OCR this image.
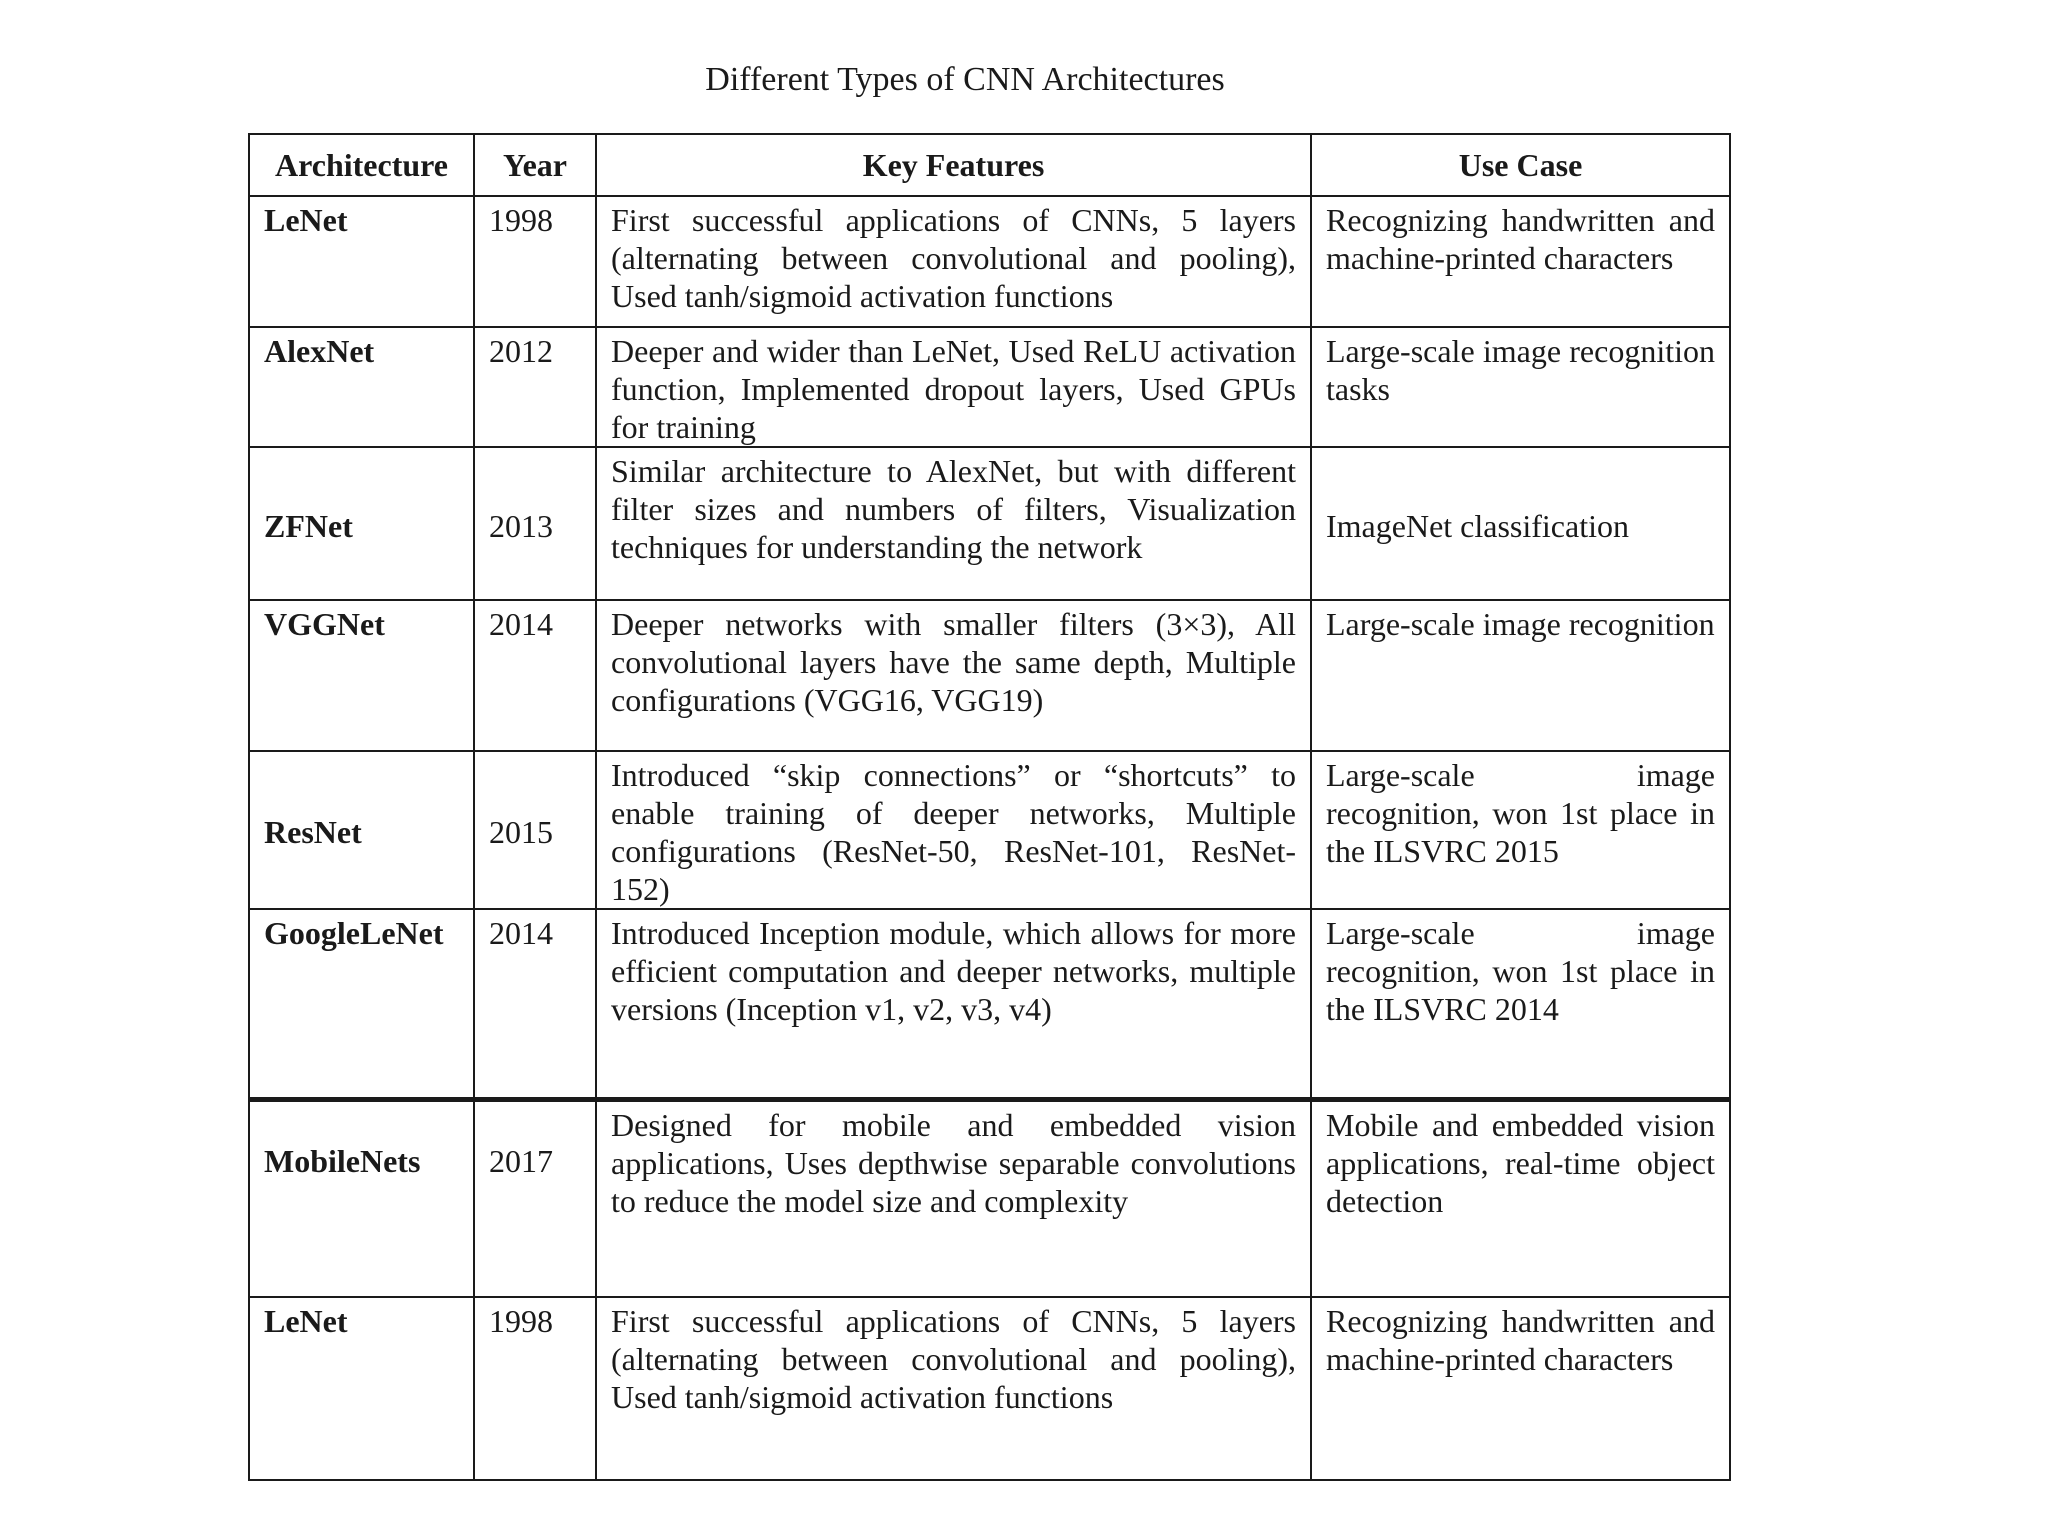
Different Types of CNN Architectures
Architecture	Year	Key Features	Use Case
LeNet	1998	First successful applications of CNNs, 5 layers (alternating between convolutional and pooling), Used tanh/sigmoid activation functions	Recognizing handwritten and machine-printed characters
AlexNet	2012	Deeper and wider than LeNet, Used ReLU activation function, Implemented dropout layers, Used GPUs for training	Large-scale image recognition tasks
ZFNet	2013	Similar architecture to AlexNet, but with different filter sizes and numbers of filters, Visualization techniques for understanding the network	ImageNet classification
VGGNet	2014	Deeper networks with smaller filters (3×3), All convolutional layers have the same depth, Multiple configurations (VGG16, VGG19)	Large-scale image recognition
ResNet	2015	Introduced “skip connections” or “shortcuts” to enable training of deeper networks, Multiple configurations (ResNet-50, ResNet-101, ResNet-152)	Large-scale image recognition, won 1st place in the ILSVRC 2015
GoogleLeNet	2014	Introduced Inception module, which allows for more efficient computation and deeper networks, multiple versions (Inception v1, v2, v3, v4)	Large-scale image recognition, won 1st place in the ILSVRC 2014
MobileNets	2017	Designed for mobile and embedded vision applications, Uses depthwise separable convolutions to reduce the model size and complexity	Mobile and embedded vision applications, real-time object detection
LeNet	1998	First successful applications of CNNs, 5 layers (alternating between convolutional and pooling), Used tanh/sigmoid activation functions	Recognizing handwritten and machine-printed characters
